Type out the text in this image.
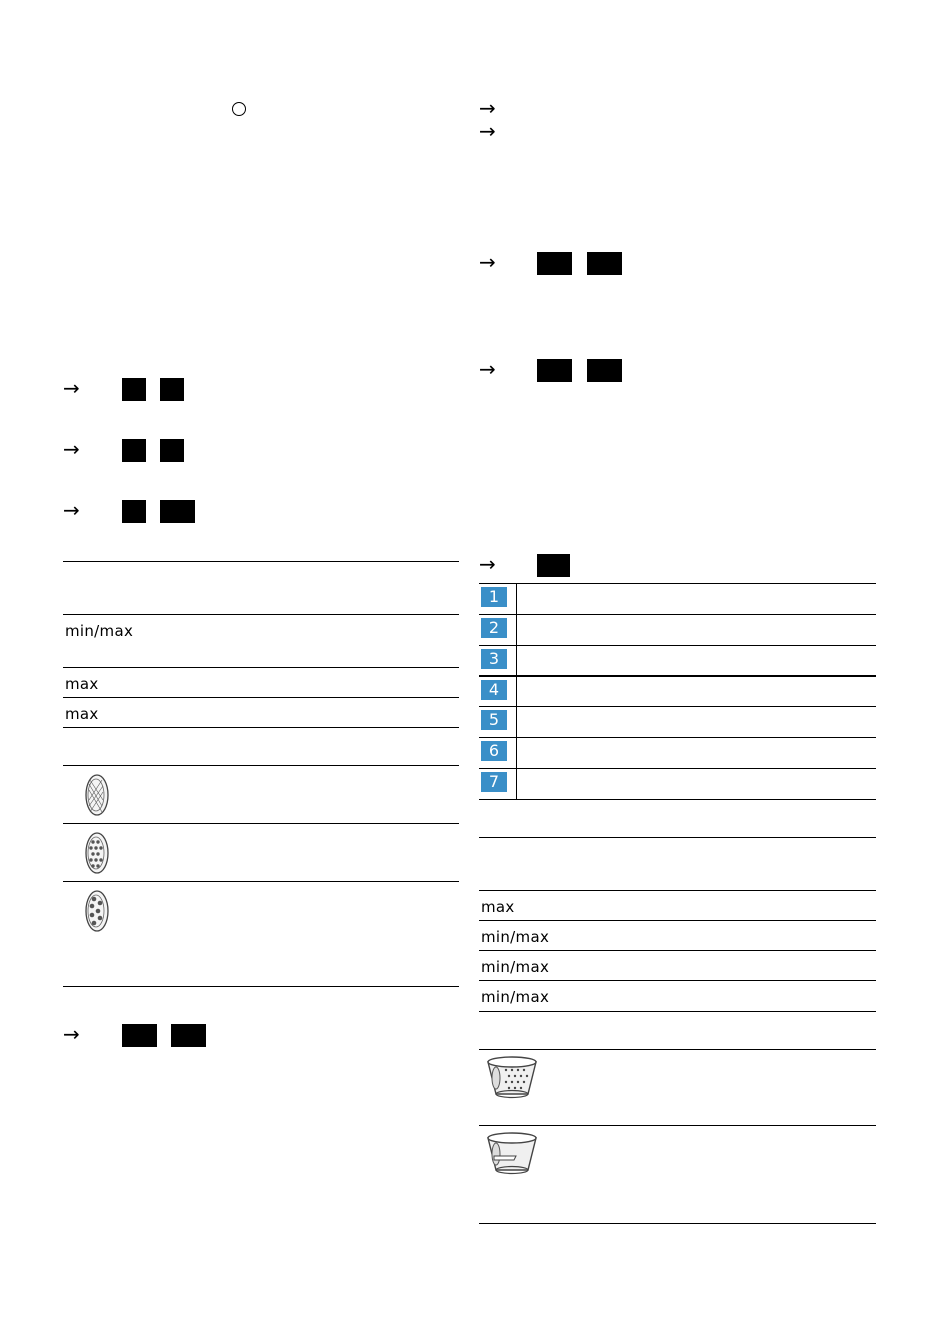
→
→
→
min/max
max
max
→
→
→
→
→
→
1
2
3
4
5
6
7
max
min/max
min/max
min/max
